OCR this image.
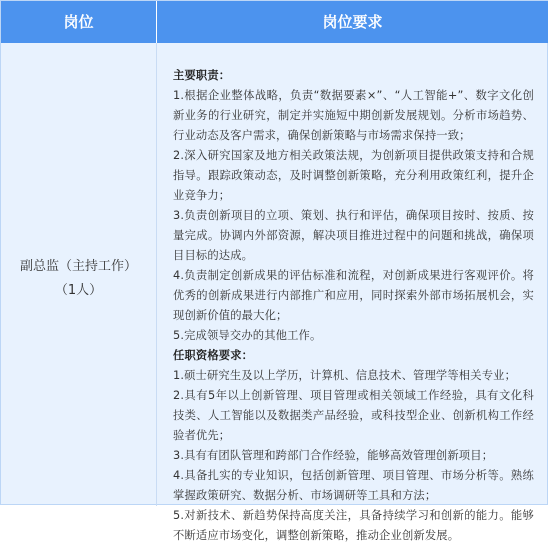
岗位	岗位要求
副总监（主持工作）
（1人）

主要职责：

1.根据企业整体战略，负责“数据要素×”、“人工智能+”、数字文化创新业务的行业研究，制定并实施短中期创新发展规划。分析市场趋势、行业动态及客户需求，确保创新策略与市场需求保持一致；

2.深入研究国家及地方相关政策法规，为创新项目提供政策支持和合规指导。跟踪政策动态，及时调整创新策略，充分利用政策红利，提升企业竞争力；

3.负责创新项目的立项、策划、执行和评估，确保项目按时、按质、按量完成。协调内外部资源，解决项目推进过程中的问题和挑战，确保项目目标的达成。

4.负责制定创新成果的评估标准和流程，对创新成果进行客观评价。将优秀的创新成果进行内部推广和应用，同时探索外部市场拓展机会，实现创新价值的最大化；

5.完成领导交办的其他工作。

任职资格要求：

1.硕士研究生及以上学历，计算机、信息技术、管理学等相关专业；

2.具有5年以上创新管理、项目管理或相关领域工作经验，具有文化科技类、人工智能以及数据类产品经验，或科技型企业、创新机构工作经验者优先；

3.具有有团队管理和跨部门合作经验，能够高效管理创新项目；

4.具备扎实的专业知识，包括创新管理、项目管理、市场分析等。熟练掌握政策研究、数据分析、市场调研等工具和方法；

5.对新技术、新趋势保持高度关注，具备持续学习和创新的能力。能够不断适应市场变化，调整创新策略，推动企业创新发展。
